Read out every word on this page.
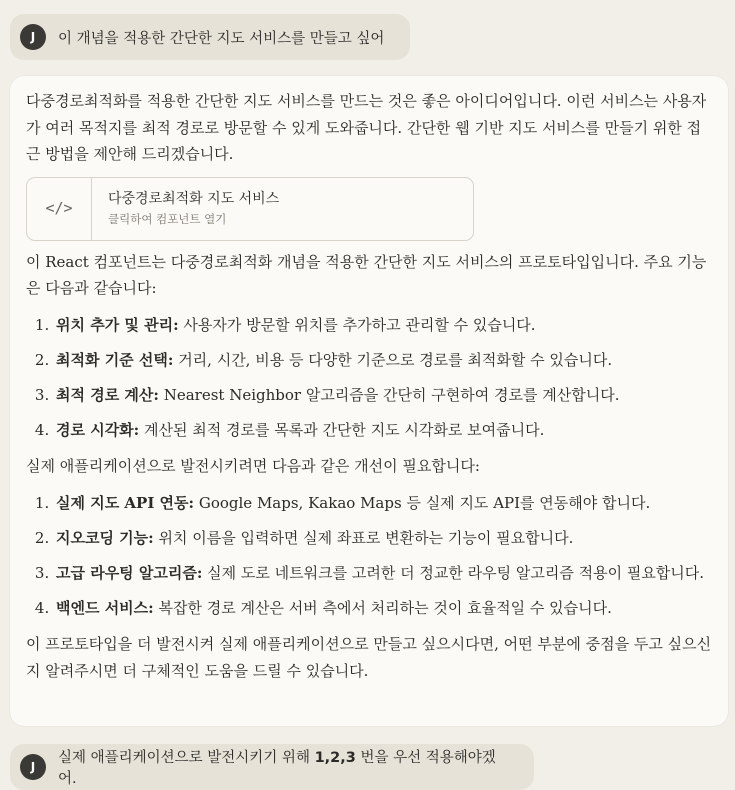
J	이 개념을 적용한 간단한 지도 서비스를 만들고 싶어

다중경로최적화를 적용한 간단한 지도 서비스를 만드는 것은 좋은 아이디어입니다. 이런 서비스는 사용자가 여러 목적지를 최적 경로로 방문할 수 있게 도와줍니다. 간단한 웹 기반 지도 서비스를 만들기 위한 접근 방법을 제안해 드리겠습니다.

</>
다중경로최적화 지도 서비스
클릭하여 컴포넌트 열기

이 React 컴포넌트는 다중경로최적화 개념을 적용한 간단한 지도 서비스의 프로토타입입니다. 주요 기능은 다음과 같습니다:

1. 위치 추가 및 관리: 사용자가 방문할 위치를 추가하고 관리할 수 있습니다.
2. 최적화 기준 선택: 거리, 시간, 비용 등 다양한 기준으로 경로를 최적화할 수 있습니다.
3. 최적 경로 계산: Nearest Neighbor 알고리즘을 간단히 구현하여 경로를 계산합니다.
4. 경로 시각화: 계산된 최적 경로를 목록과 간단한 지도 시각화로 보여줍니다.

실제 애플리케이션으로 발전시키려면 다음과 같은 개선이 필요합니다:

1. 실제 지도 API 연동: Google Maps, Kakao Maps 등 실제 지도 API를 연동해야 합니다.
2. 지오코딩 기능: 위치 이름을 입력하면 실제 좌표로 변환하는 기능이 필요합니다.
3. 고급 라우팅 알고리즘: 실제 도로 네트워크를 고려한 더 정교한 라우팅 알고리즘 적용이 필요합니다.
4. 백엔드 서비스: 복잡한 경로 계산은 서버 측에서 처리하는 것이 효율적일 수 있습니다.

이 프로토타입을 더 발전시켜 실제 애플리케이션으로 만들고 싶으시다면, 어떤 부분에 중점을 두고 싶으신지 알려주시면 더 구체적인 도움을 드릴 수 있습니다.

J
실제 애플리케이션으로 발전시키기 위해 1,2,3 번을 우선 적용해야겠어.
